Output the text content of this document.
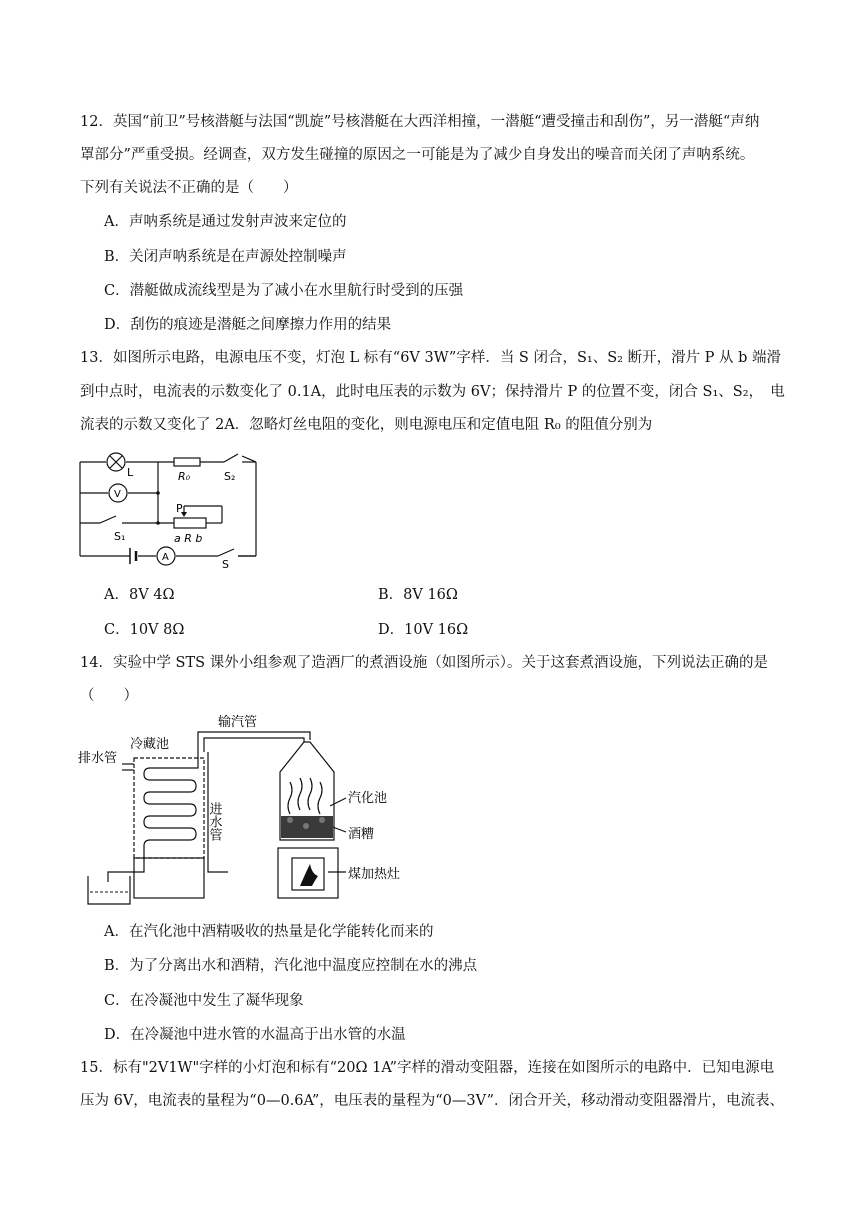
12．英国“前卫”号核潜艇与法国“凯旋”号核潜艇在大西洋相撞，一潜艇“遭受撞击和刮伤”，另一潜艇“声纳
罩部分”严重受损。经调查，双方发生碰撞的原因之一可能是为了减少自身发出的噪音而关闭了声呐系统。
下列有关说法不正确的是（　　）
A．声呐系统是通过发射声波来定位的
B．关闭声呐系统是在声源处控制噪声
C．潜艇做成流线型是为了减小在水里航行时受到的压强
D．刮伤的痕迹是潜艇之间摩擦力作用的结果
13．如图所示电路，电源电压不变，灯泡 L 标有“6V 3W”字样．当 S 闭合，S₁、S₂ 断开，滑片 P 从 b 端滑
到中点时，电流表的示数变化了 0.1A，此时电压表的示数为 6V；保持滑片 P 的位置不变，闭合 S₁、S₂，　电
流表的示数又变化了 2A．忽略灯丝电阻的变化，则电源电压和定值电阻 R₀ 的阻值分别为
L
V
A
R₀	S₂
P
a R b
S₁
S
A．8V 4Ω	B．8V 16Ω
C．10V 8Ω	D．10V 16Ω
14．实验中学 STS 课外小组参观了造酒厂的煮酒设施（如图所示）。关于这套煮酒设施，下列说法正确的是
（　　）
输汽管
冷藏池
排水管
汽化池
酒糟
煤加热灶
进水管
A．在汽化池中酒精吸收的热量是化学能转化而来的
B．为了分离出水和酒精，汽化池中温度应控制在水的沸点
C．在冷凝池中发生了凝华现象
D．在冷凝池中进水管的水温高于出水管的水温
15．标有"2V1W"字样的小灯泡和标有“20Ω 1A”字样的滑动变阻器，连接在如图所示的电路中．已知电源电
压为 6V，电流表的量程为“0—0.6A”，电压表的量程为“0—3V”．闭合开关，移动滑动变阻器滑片，电流表、
